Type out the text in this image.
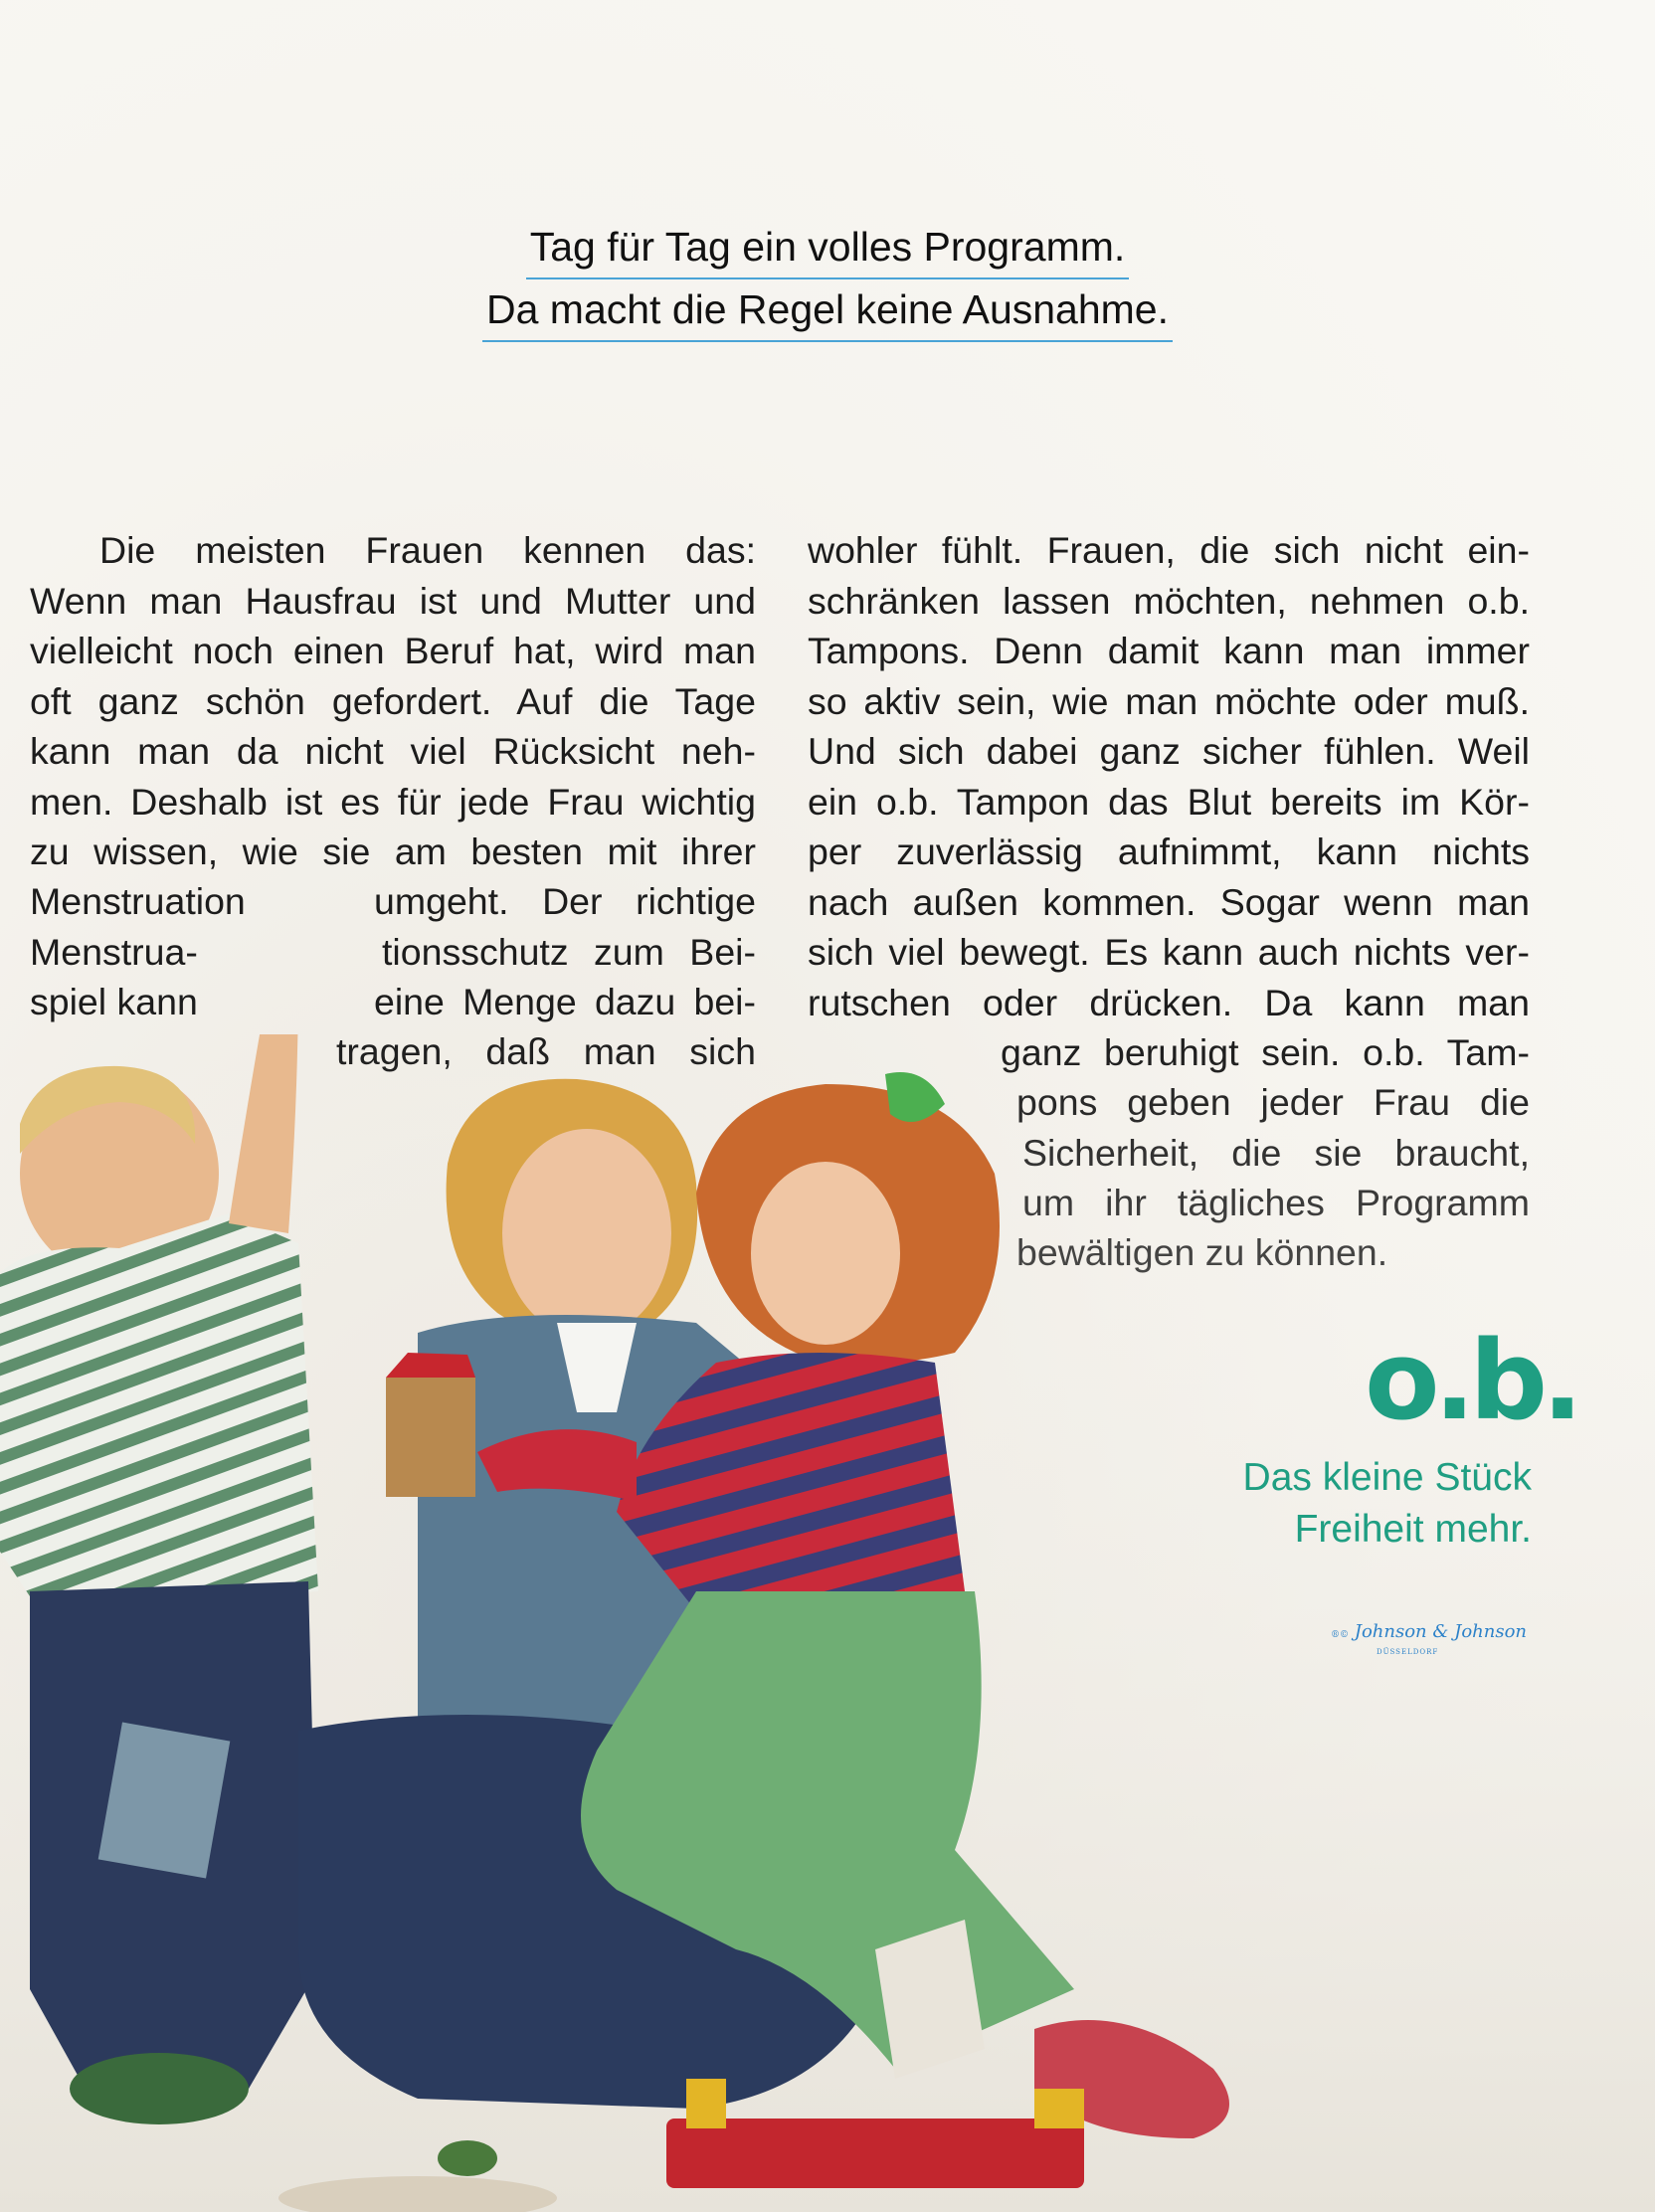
Tag für Tag ein volles Programm.
Da macht die Regel keine Ausnahme.
Die meisten Frauen kennen das:
Wenn man Hausfrau ist und Mutter und
vielleicht noch einen Beruf hat, wird man
oft ganz schön gefordert. Auf die Tage
kann man da nicht viel Rücksicht neh-
men. Deshalb ist es für jede Frau wichtig
zu wissen, wie sie am besten mit ihrer
Menstruation
Menstrua-
spiel kann
umgeht. Der richtige
tionsschutz zum Bei-
eine Menge dazu bei-
wohler fühlt. Frauen, die sich nicht ein-
schränken lassen möchten, nehmen o.b.
Tampons. Denn damit kann man immer
so aktiv sein, wie man möchte oder muß.
Und sich dabei ganz sicher fühlen. Weil
ein o.b. Tampon das Blut bereits im Kör-
per zuverlässig aufnimmt, kann nichts
nach außen kommen. Sogar wenn man
sich viel bewegt. Es kann auch nichts ver-
rutschen oder drücken. Da kann man
o.b.
Das kleine Stück
Freiheit mehr.
®© Johnson & Johnson
DÜSSELDORF
